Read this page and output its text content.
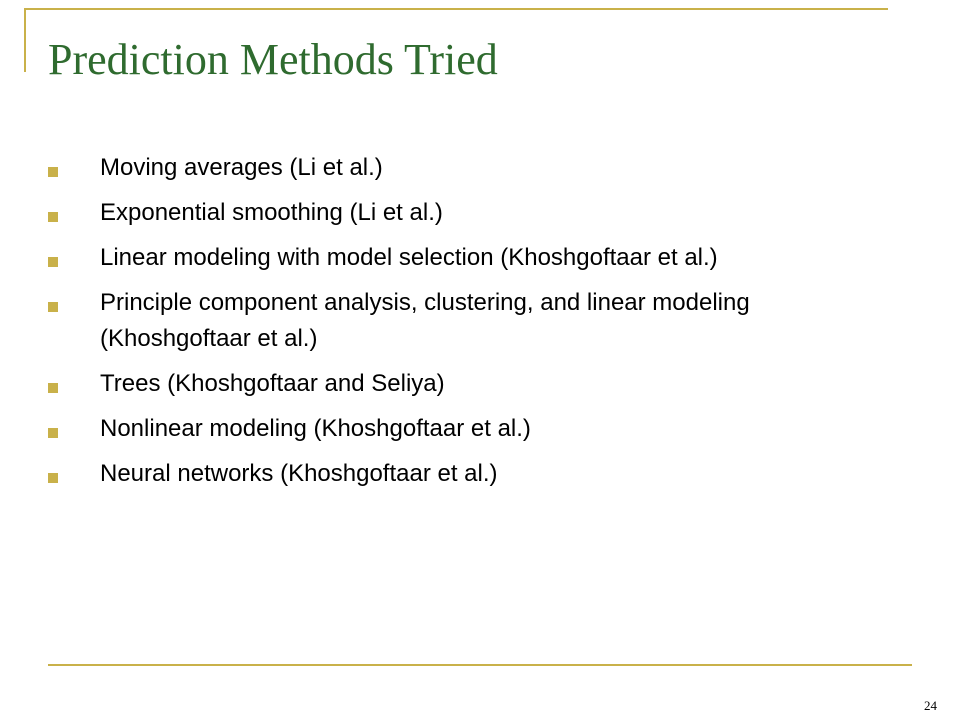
Prediction Methods Tried
Moving averages (Li et al.)
Exponential smoothing (Li et al.)
Linear modeling with model selection (Khoshgoftaar et al.)
Principle component analysis, clustering, and linear modeling (Khoshgoftaar et al.)
Trees (Khoshgoftaar and Seliya)
Nonlinear modeling (Khoshgoftaar et al.)
Neural networks (Khoshgoftaar et al.)
24
